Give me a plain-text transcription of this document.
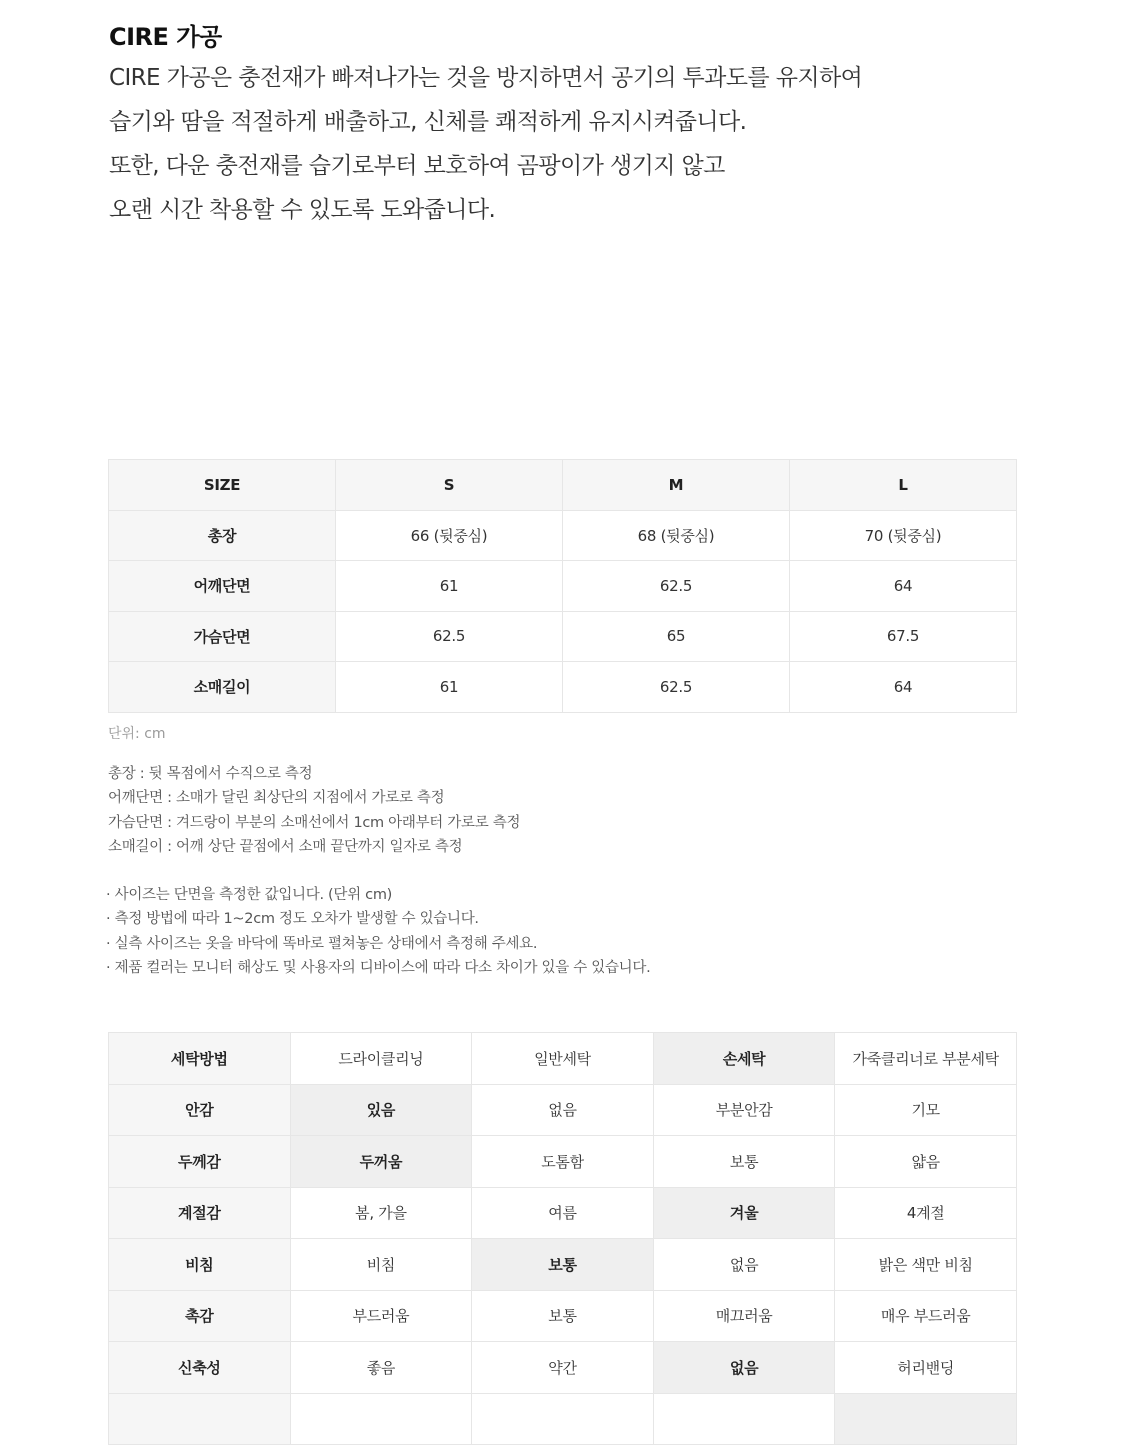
CIRE 가공

CIRE 가공은 충전재가 빠져나가는 것을 방지하면서 공기의 투과도를 유지하여

습기와 땀을 적절하게 배출하고, 신체를 쾌적하게 유지시켜줍니다.

또한, 다운 충전재를 습기로부터 보호하여 곰팡이가 생기지 않고

오랜 시간 착용할 수 있도록 도와줍니다.

SIZE	S	M	L
총장	66 (뒷중심)	68 (뒷중심)	70 (뒷중심)
어깨단면	61	62.5	64
가슴단면	62.5	65	67.5
소매길이	61	62.5	64
단위: cm
총장 : 뒷 목점에서 수직으로 측정
어깨단면 : 소매가 달린 최상단의 지점에서 가로로 측정
가슴단면 : 겨드랑이 부분의 소매선에서 1cm 아래부터 가로로 측정
소매길이 : 어깨 상단 끝점에서 소매 끝단까지 일자로 측정
· 사이즈는 단면을 측정한 값입니다. (단위 cm)
· 측정 방법에 따라 1~2cm 정도 오차가 발생할 수 있습니다.
· 실측 사이즈는 옷을 바닥에 똑바로 펼쳐놓은 상태에서 측정해 주세요.
· 제품 컬러는 모니터 해상도 및 사용자의 디바이스에 따라 다소 차이가 있을 수 있습니다.
세탁방법	드라이클리닝	일반세탁	손세탁	가죽클리너로 부분세탁
안감	있음	없음	부분안감	기모
두께감	두꺼움	도톰함	보통	얇음
계절감	봄, 가을	여름	겨울	4계절
비침	비침	보통	없음	밝은 색만 비침
촉감	부드러움	보통	매끄러움	매우 부드러움
신축성	좋음	약간	없음	허리밴딩
